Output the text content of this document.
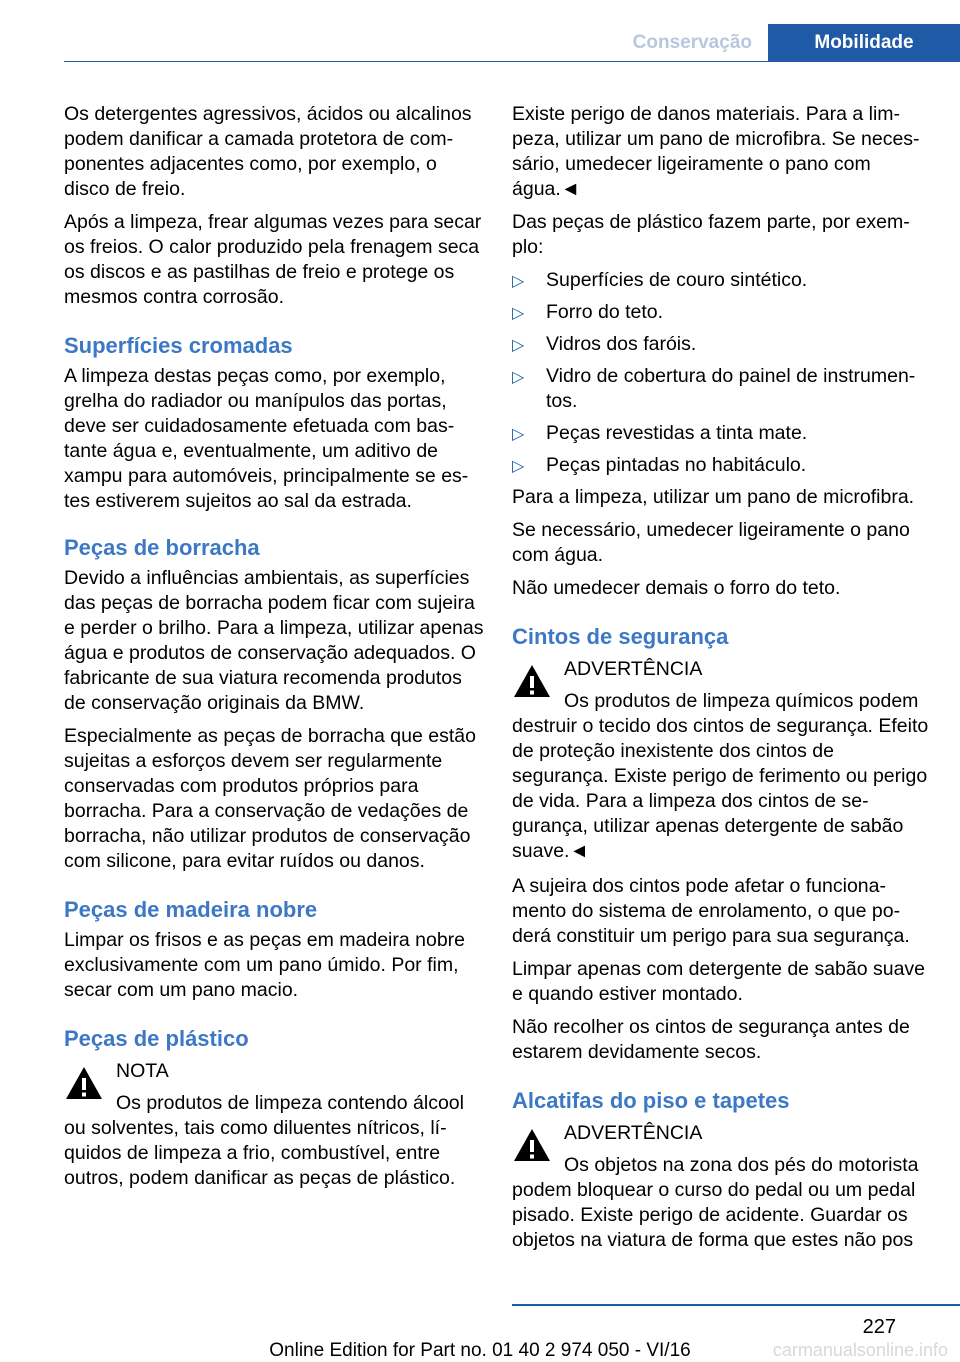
Conservação	Mobilidade

Os detergentes agressivos, ácidos ou alcalinos podem danificar a camada protetora de componentes adjacentes como, por exemplo, o disco de freio.

Após a limpeza, frear algumas vezes para secar os freios. O calor produzido pela frenagem seca os discos e as pastilhas de freio e protege os mesmos contra corrosão.

Superfícies cromadas

A limpeza destas peças como, por exemplo, grelha do radiador ou manípulos das portas, deve ser cuidadosamente efetuada com bastante água e, eventualmente, um aditivo de xampu para automóveis, principalmente se estes estiverem sujeitos ao sal da estrada.

Peças de borracha

Devido a influências ambientais, as superfícies das peças de borracha podem ficar com sujeira e perder o brilho. Para a limpeza, utilizar apenas água e produtos de conservação adequados. O fabricante de sua viatura recomenda produtos de conservação originais da BMW.

Especialmente as peças de borracha que estão sujeitas a esforços devem ser regularmente conservadas com produtos próprios para borracha. Para a conservação de vedações de borracha, não utilizar produtos de conservação com silicone, para evitar ruídos ou danos.

Peças de madeira nobre

Limpar os frisos e as peças em madeira nobre exclusivamente com um pano úmido. Por fim, secar com um pano macio.

Peças de plástico
NOTA
Os produtos de limpeza contendo álcool
ou solventes, tais como diluentes nítricos, líquidos de limpeza a frio, combustível, entre outros, podem danificar as peças de plástico.

Existe perigo de danos materiais. Para a limpeza, utilizar um pano de microfibra. Se necessário, umedecer ligeiramente o pano com água.◄

Das peças de plástico fazem parte, por exemplo:

▷ Superfícies de couro sintético.
▷ Forro do teto.
▷ Vidros dos faróis.
▷ Vidro de cobertura do painel de instrumentos.
▷ Peças revestidas a tinta mate.
▷ Peças pintadas no habitáculo.

Para a limpeza, utilizar um pano de microfibra.

Se necessário, umedecer ligeiramente o pano com água.

Não umedecer demais o forro do teto.

Cintos de segurança
ADVERTÊNCIA
Os produtos de limpeza químicos podem
destruir o tecido dos cintos de segurança. Efeito de proteção inexistente dos cintos de segurança. Existe perigo de ferimento ou perigo de vida. Para a limpeza dos cintos de segurança, utilizar apenas detergente de sabão suave.◄

A sujeira dos cintos pode afetar o funcionamento do sistema de enrolamento, o que poderá constituir um perigo para sua segurança.

Limpar apenas com detergente de sabão suave e quando estiver montado.

Não recolher os cintos de segurança antes de estarem devidamente secos.

Alcatifas do piso e tapetes
ADVERTÊNCIA
Os objetos na zona dos pés do motorista
podem bloquear o curso do pedal ou um pedal pisado. Existe perigo de acidente. Guardar os objetos na viatura de forma que estes não pos
227
Online Edition for Part no. 01 40 2 974 050 - VI/16	carmanualsonline.info
